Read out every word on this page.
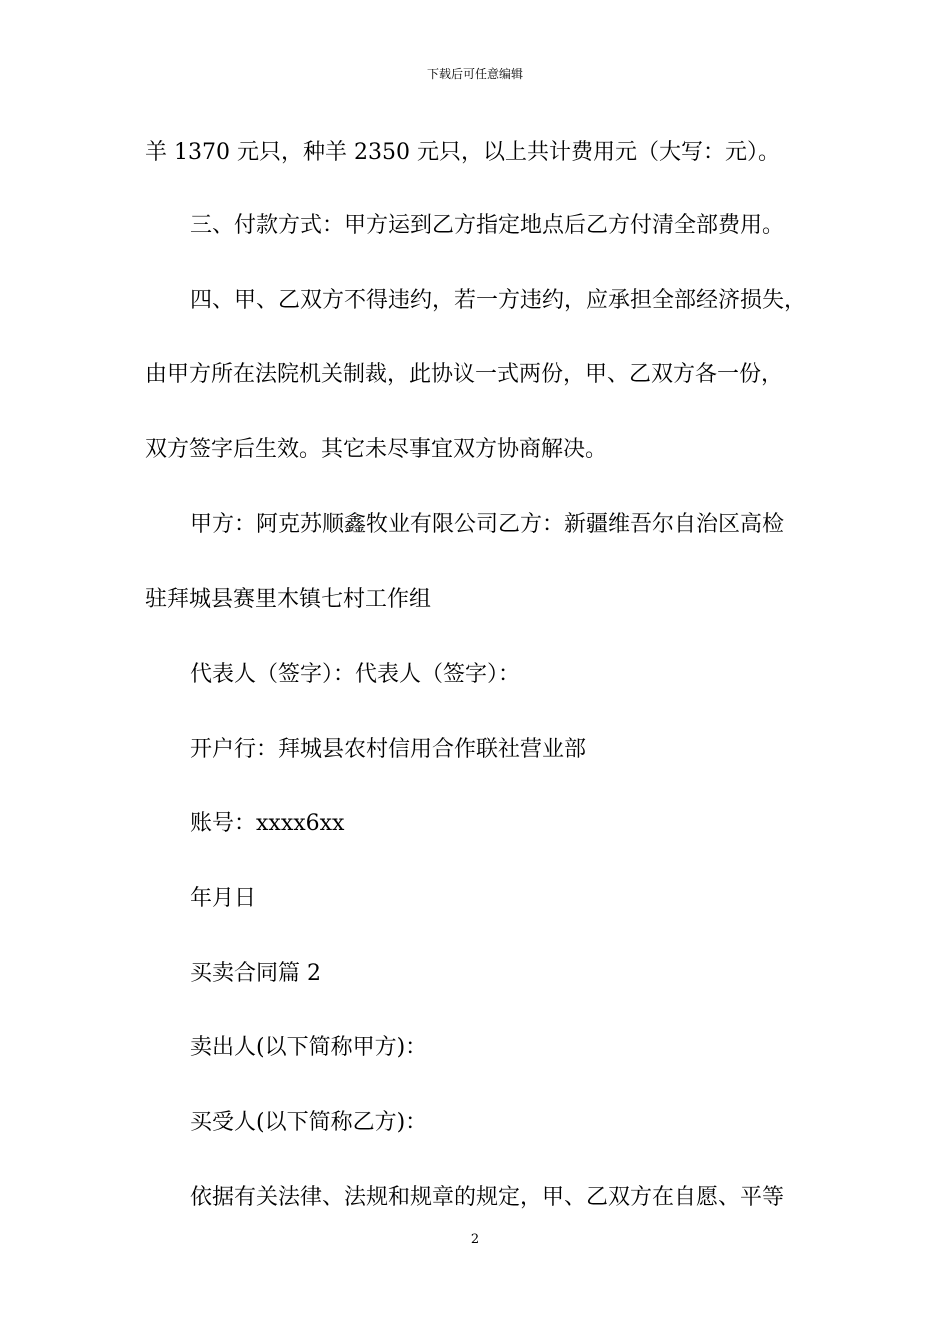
下载后可任意编辑
羊 1370 元只，种羊 2350 元只，以上共计费用元（大写：元）。
三、付款方式：甲方运到乙方指定地点后乙方付清全部费用。
四、甲、乙双方不得违约，若一方违约，应承担全部经济损失，
由甲方所在法院机关制裁，此协议一式两份，甲、乙双方各一份，
双方签字后生效。其它未尽事宜双方协商解决。
甲方：阿克苏顺鑫牧业有限公司乙方：新疆维吾尔自治区高检
驻拜城县赛里木镇七村工作组
代表人（签字）：代表人（签字）：
开户行：拜城县农村信用合作联社营业部
账号：xxxx6xx
年月日
买卖合同篇 2
卖出人(以下简称甲方)：
买受人(以下简称乙方)：
依据有关法律、法规和规章的规定，甲、乙双方在自愿、平等
2
